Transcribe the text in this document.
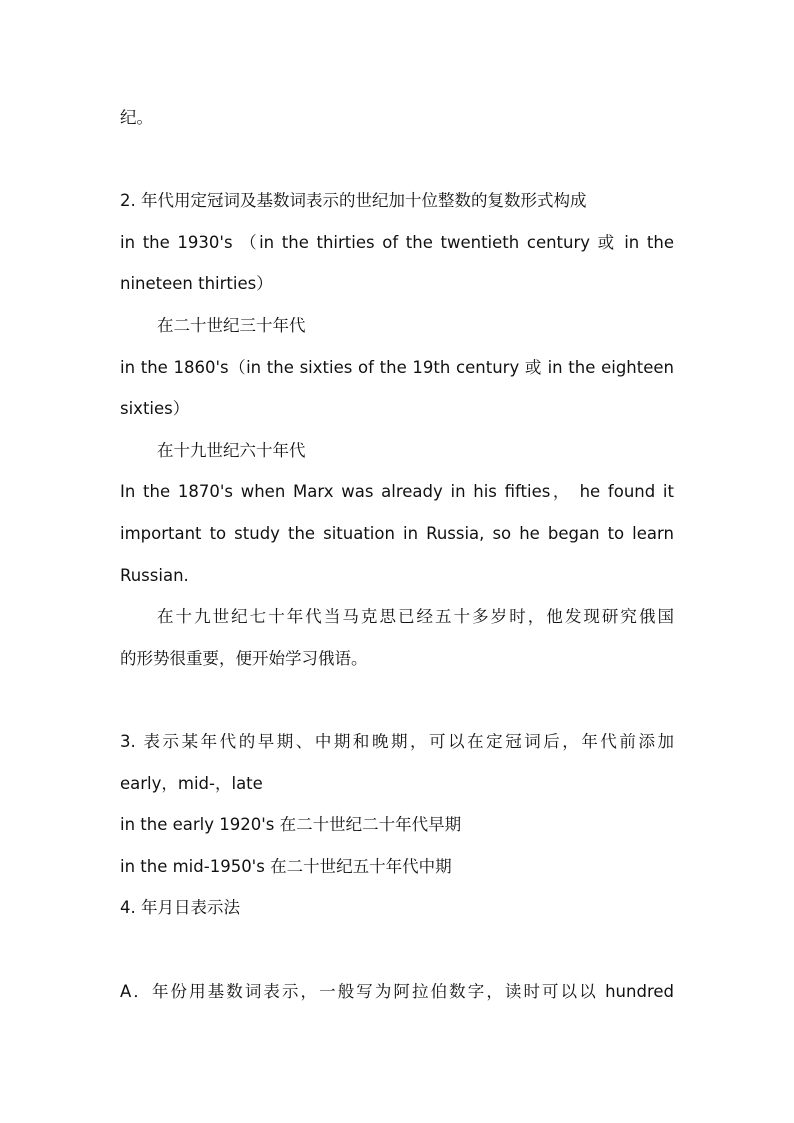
纪。
2. 年代用定冠词及基数词表示的世纪加十位整数的复数形式构成
in the 1930's （in the thirties of the twentieth century 或 in the
nineteen thirties）
在二十世纪三十年代
in the 1860's（in the sixties of the 19th century 或 in the eighteen
sixties）
在十九世纪六十年代
In the 1870's when Marx was already in his fifties， he found it
important to study the situation in Russia, so he began to learn
Russian.
在十九世纪七十年代当马克思已经五十多岁时，他发现研究俄国
的形势很重要，便开始学习俄语。
3. 表示某年代的早期、中期和晚期，可以在定冠词后，年代前添加
early，mid-，late
in the early 1920's 在二十世纪二十年代早期
in the mid-1950's 在二十世纪五十年代中期
4. 年月日表示法
A．年份用基数词表示，一般写为阿拉伯数字，读时可以以 hundred
